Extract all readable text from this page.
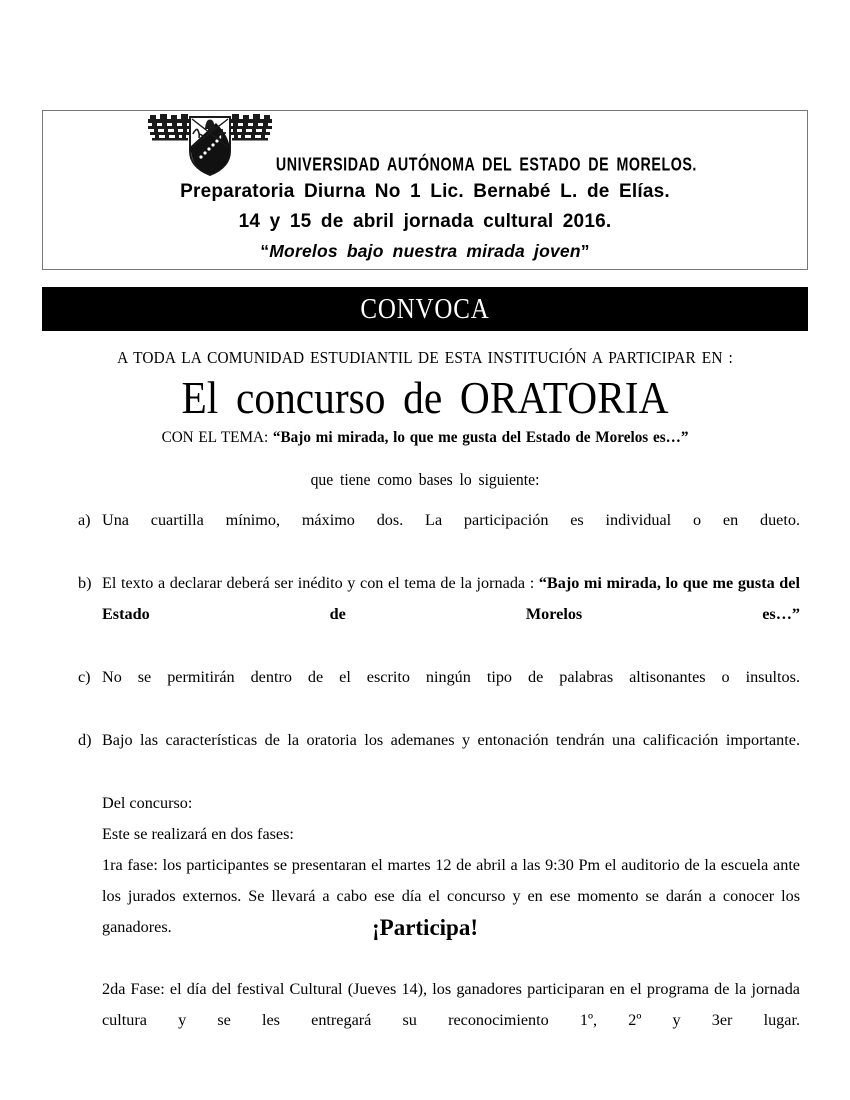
UNIVERSIDAD AUTÓNOMA DEL ESTADO DE MORELOS.
Preparatoria Diurna No 1 Lic. Bernabé L. de Elías.
14 y 15 de abril jornada cultural 2016.
“Morelos bajo nuestra mirada joven”
CONVOCA
A TODA LA COMUNIDAD ESTUDIANTIL DE ESTA INSTITUCIÓN A PARTICIPAR EN :
El concurso de ORATORIA
CON EL TEMA: “Bajo mi mirada, lo que me gusta del Estado de Morelos es…”
que tiene como bases lo siguiente:
a) Una cuartilla mínimo, máximo dos. La participación es individual o en dueto.
b) El texto a declarar deberá ser inédito y con el tema de la jornada : “Bajo mi mirada, lo que me gusta del Estado de Morelos es…”
c) No se permitirán dentro de el escrito ningún tipo de palabras altisonantes o insultos.
d) Bajo las características de la oratoria los ademanes y entonación tendrán una calificación importante.
Del concurso:
Este se realizará en dos fases:
1ra fase: los participantes se presentaran el martes 12 de abril a las 9:30 Pm el auditorio de la escuela ante los jurados externos. Se llevará a cabo ese día el concurso y en ese momento se darán a conocer los ganadores.
2da Fase: el día del festival Cultural (Jueves 14), los ganadores participaran en el programa de la jornada cultura y se les entregará su reconocimiento 1º, 2º y 3er lugar.
¡Participa!
